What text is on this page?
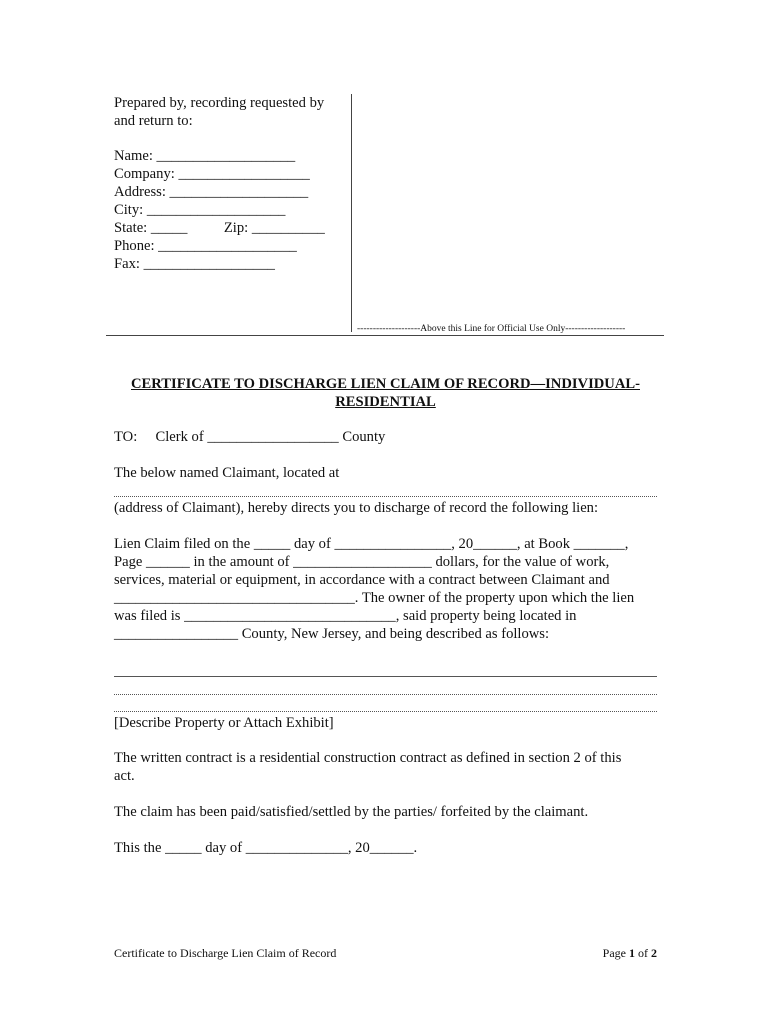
Prepared by, recording requested by
and return to:
Name: ___________________
Company: __________________
Address: ___________________
City: ___________________
State: _____          Zip: __________
Phone: ___________________
Fax: __________________
--------------------Above this Line for Official Use Only-------------------
CERTIFICATE TO DISCHARGE LIEN CLAIM OF RECORD—INDIVIDUAL-
RESIDENTIAL
TO:     Clerk of __________________ County
The below named Claimant, located at
(address of Claimant), hereby directs you to discharge of record the following lien:
Lien Claim filed on the _____ day of ________________, 20______, at Book _______,
Page ______ in the amount of ___________________ dollars, for the value of work,
services, material or equipment, in accordance with a contract between Claimant and
_________________________________. The owner of the property upon which the lien
was filed is _____________________________, said property being located in
_________________ County, New Jersey, and being described as follows:
[Describe Property or Attach Exhibit]
The written contract is a residential construction contract as defined in section 2 of this
act.
The claim has been paid/satisfied/settled by the parties/ forfeited by the claimant.
This the _____ day of ______________, 20______.
Certificate to Discharge Lien Claim of Record	Page 1 of 2
